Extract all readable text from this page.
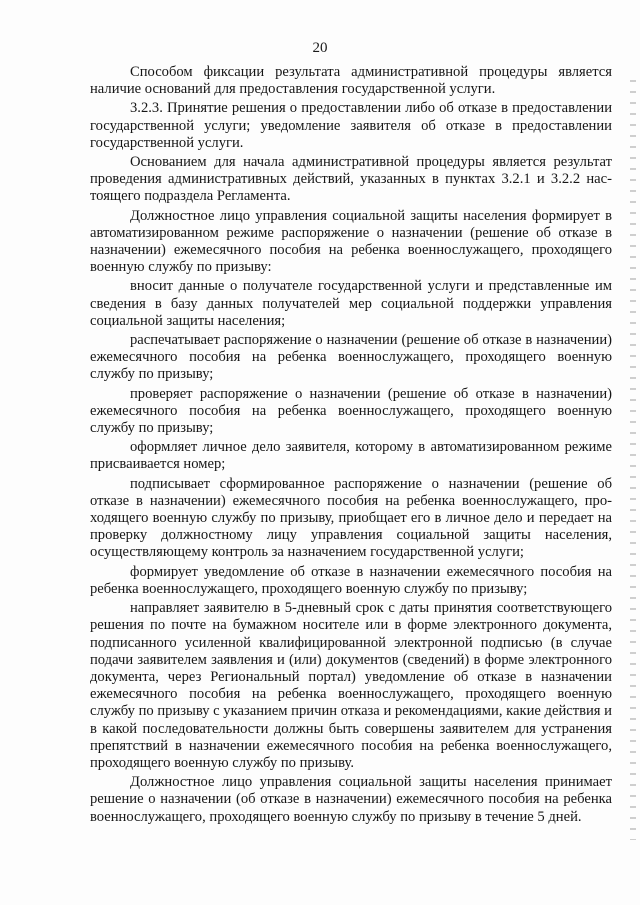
20

Способом фиксации результата административной процедуры является наличие оснований для предоставления государственной услуги.

3.2.3. Принятие решения о предоставлении либо об отказе в предоставлении государственной услуги; уведомление заявителя об отказе в предоставлении государственной услуги.

Основанием для начала административной процедуры является результат проведения административных действий, указанных в пунктах 3.2.1 и 3.2.2 настоящего подраздела Регламента.

Должностное лицо управления социальной защиты населения формирует в автоматизированном режиме распоряжение о назначении (решение об отказе в назначении) ежемесячного пособия на ребенка военнослужащего, проходящего военную службу по призыву:

вносит данные о получателе государственной услуги и представленные им сведения в базу данных получателей мер социальной поддержки управления социальной защиты населения;

распечатывает распоряжение о назначении (решение об отказе в назначении) ежемесячного пособия на ребенка военнослужащего, проходящего военную службу по призыву;

проверяет распоряжение о назначении (решение об отказе в назначении) ежемесячного пособия на ребенка военнослужащего, проходящего военную службу по призыву;

оформляет личное дело заявителя, которому в автоматизированном режиме присваивается номер;

подписывает сформированное распоряжение о назначении (решение об отказе в назначении) ежемесячного пособия на ребенка военнослужащего, проходящего военную службу по призыву, приобщает его в личное дело и передает на проверку должностному лицу управления социальной защиты населения, осуществляющему контроль за назначением государственной услуги;

формирует уведомление об отказе в назначении ежемесячного пособия на ребенка военнослужащего, проходящего военную службу по призыву;

направляет заявителю в 5-дневный срок с даты принятия соответствующего решения по почте на бумажном носителе или в форме электронного документа, подписанного усиленной квалифицированной электронной подписью (в случае подачи заявителем заявления и (или) документов (сведений) в форме электронного документа, через Региональный портал) уведомление об отказе в назначении ежемесячного пособия на ребенка военнослужащего, проходящего военную службу по призыву с указанием причин отказа и рекомендациями, какие действия и в какой последовательности должны быть совершены заявителем для устранения препятствий в назначении ежемесячного пособия на ребенка военнослужащего, проходящего военную службу по призыву.

Должностное лицо управления социальной защиты населения принимает решение о назначении (об отказе в назначении) ежемесячного пособия на ребенка военнослужащего, проходящего военную службу по призыву в течение 5 дней.
